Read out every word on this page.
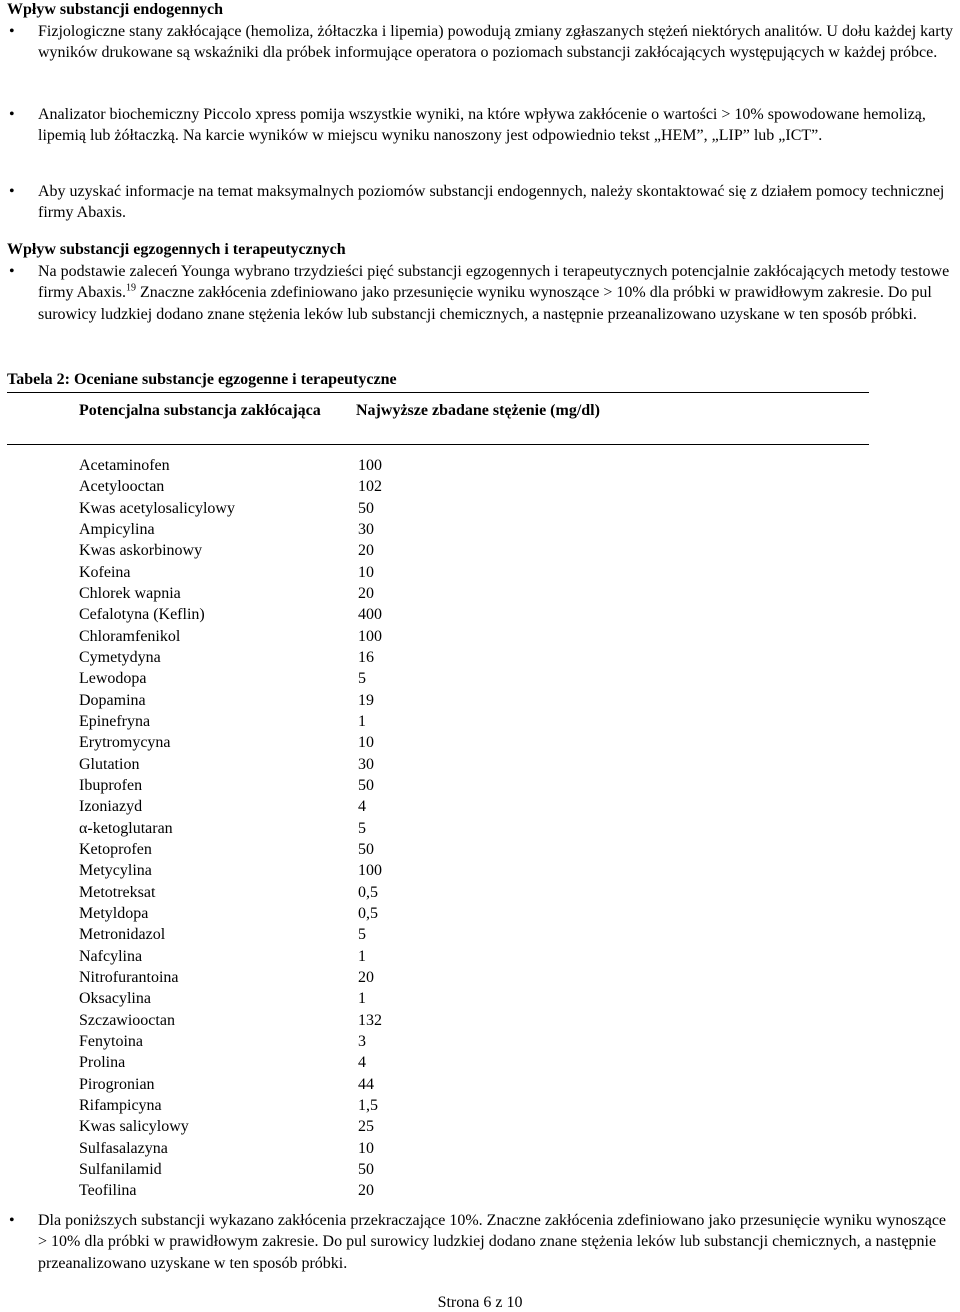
Wpływ substancji endogennych
• Fizjologiczne stany zakłócające (hemoliza, żółtaczka i lipemia) powodują zmiany zgłaszanych stężeń niektórych analitów. U dołu każdej karty wyników drukowane są wskaźniki dla próbek informujące operatora o poziomach substancji zakłócających występujących w każdej próbce.
• Analizator biochemiczny Piccolo xpress pomija wszystkie wyniki, na które wpływa zakłócenie o wartości > 10% spowodowane hemolizą, lipemią lub żółtaczką. Na karcie wyników w miejscu wyniku nanoszony jest odpowiednio tekst „HEM”, „LIP” lub „ICT”.
• Aby uzyskać informacje na temat maksymalnych poziomów substancji endogennych, należy skontaktować się z działem pomocy technicznej firmy Abaxis.
Wpływ substancji egzogennych i terapeutycznych
• Na podstawie zaleceń Younga wybrano trzydzieści pięć substancji egzogennych i terapeutycznych potencjalnie zakłócających metody testowe firmy Abaxis.$^{19}$ Znaczne zakłócenia zdefiniowano jako przesunięcie wyniku wynoszące > 10% dla próbki w prawidłowym zakresie. Do pul surowicy ludzkiej dodano znane stężenia leków lub substancji chemicznych, a następnie przeanalizowano uzyskane w ten sposób próbki.
Tabela 2: Oceniane substancje egzogenne i terapeutyczne
Potencjalna substancja zakłócająca	Najwyższe zbadane stężenie (mg/dl)
Acetaminofen	100
Acetylooctan	102
Kwas acetylosalicylowy	50
Ampicylina	30
Kwas askorbinowy	20
Kofeina	10
Chlorek wapnia	20
Cefalotyna (Keflin)	400
Chloramfenikol	100
Cymetydyna	16
Lewodopa	5
Dopamina	19
Epinefryna	1
Erytromycyna	10
Glutation	30
Ibuprofen	50
Izoniazyd	4
α-ketoglutaran	5
Ketoprofen	50
Metycylina	100
Metotreksat	0,5
Metyldopa	0,5
Metronidazol	5
Nafcylina	1
Nitrofurantoina	20
Oksacylina	1
Szczawiooctan	132
Fenytoina	3
Prolina	4
Pirogronian	44
Rifampicyna	1,5
Kwas salicylowy	25
Sulfasalazyna	10
Sulfanilamid	50
Teofilina	20
• Dla poniższych substancji wykazano zakłócenia przekraczające 10%. Znaczne zakłócenia zdefiniowano jako przesunięcie wyniku wynoszące > 10% dla próbki w prawidłowym zakresie. Do pul surowicy ludzkiej dodano znane stężenia leków lub substancji chemicznych, a następnie przeanalizowano uzyskane w ten sposób próbki.
Strona 6 z 10
